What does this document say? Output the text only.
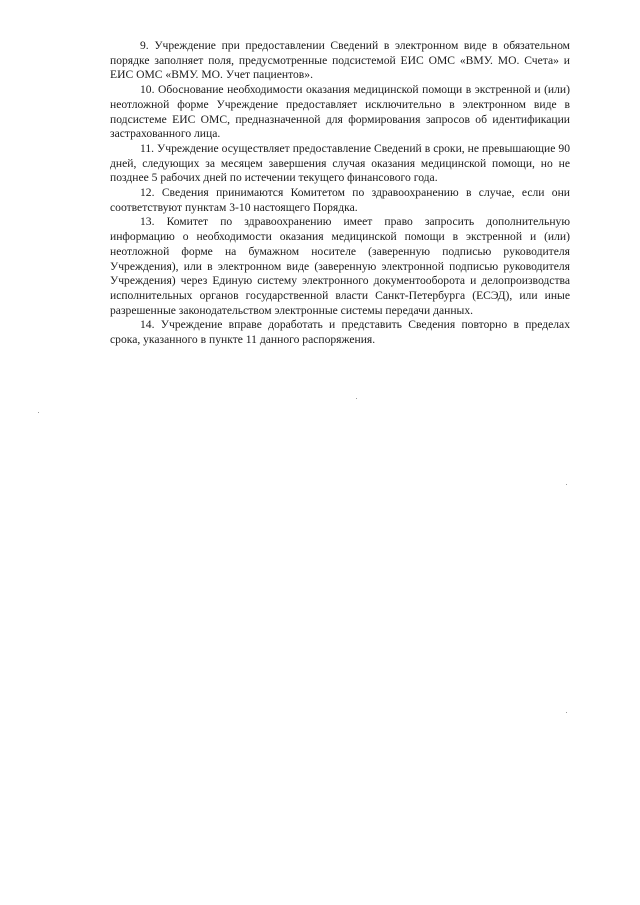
9. Учреждение при предоставлении Сведений в электронном виде в обязательном порядке заполняет поля, предусмотренные подсистемой ЕИС ОМС «ВМУ. МО. Счета» и ЕИС ОМС «ВМУ. МО. Учет пациентов».

10. Обоснование необходимости оказания медицинской помощи в экстренной и (или) неотложной форме Учреждение предоставляет исключительно в электронном виде в подсистеме ЕИС ОМС, предназначенной для формирования запросов об идентификации застрахованного лица.

11. Учреждение осуществляет предоставление Сведений в сроки, не превышающие 90 дней, следующих за месяцем завершения случая оказания медицинской помощи, но не позднее 5 рабочих дней по истечении текущего финансового года.

12. Сведения принимаются Комитетом по здравоохранению в случае, если они соответствуют пунктам 3-10 настоящего Порядка.

13. Комитет по здравоохранению имеет право запросить дополнительную информацию о необходимости оказания медицинской помощи в экстренной и (или) неотложной форме на бумажном носителе (заверенную подписью руководителя Учреждения), или в электронном виде (заверенную электронной подписью руководителя Учреждения) через Единую систему электронного документооборота и делопроизводства исполнительных органов государственной власти Санкт-Петербурга (ЕСЭД), или иные разрешенные законодательством электронные системы передачи данных.

14. Учреждение вправе доработать и представить Сведения повторно в пределах срока, указанного в пункте 11 данного распоряжения.
